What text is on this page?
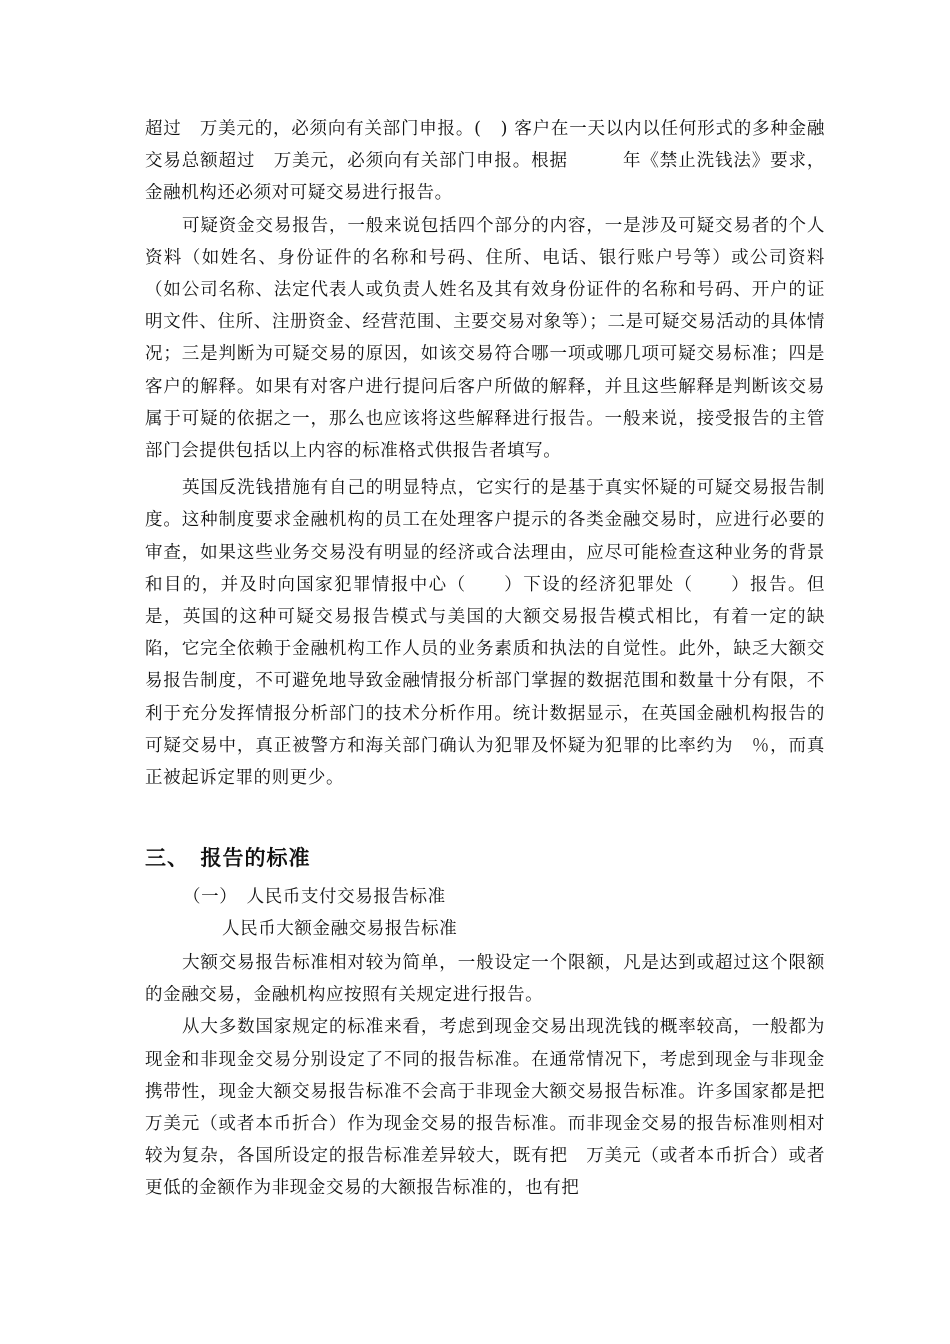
超过　万美元的，必须向有关部门申报。(   ) 客户在一天以内以任何形式的多种金融交易总额超过　万美元，必须向有关部门申报。根据　　　年《禁止洗钱法》要求，金融机构还必须对可疑交易进行报告。

可疑资金交易报告，一般来说包括四个部分的内容，一是涉及可疑交易者的个人资料（如姓名、身份证件的名称和号码、住所、电话、银行账户号等）或公司资料（如公司名称、法定代表人或负责人姓名及其有效身份证件的名称和号码、开户的证明文件、住所、注册资金、经营范围、主要交易对象等）；二是可疑交易活动的具体情况；三是判断为可疑交易的原因，如该交易符合哪一项或哪几项可疑交易标准；四是客户的解释。如果有对客户进行提问后客户所做的解释，并且这些解释是判断该交易属于可疑的依据之一，那么也应该将这些解释进行报告。一般来说，接受报告的主管部门会提供包括以上内容的标准格式供报告者填写。

英国反洗钱措施有自己的明显特点，它实行的是基于真实怀疑的可疑交易报告制度。这种制度要求金融机构的员工在处理客户提示的各类金融交易时，应进行必要的审查，如果这些业务交易没有明显的经济或合法理由，应尽可能检查这种业务的背景和目的，并及时向国家犯罪情报中心（　　）下设的经济犯罪处（　　）报告。但是，英国的这种可疑交易报告模式与美国的大额交易报告模式相比，有着一定的缺陷，它完全依赖于金融机构工作人员的业务素质和执法的自觉性。此外，缺乏大额交易报告制度，不可避免地导致金融情报分析部门掌握的数据范围和数量十分有限，不利于充分发挥情报分析部门的技术分析作用。统计数据显示，在英国金融机构报告的可疑交易中，真正被警方和海关部门确认为犯罪及怀疑为犯罪的比率约为　％，而真正被起诉定罪的则更少。

三、　报告的标准
（一）　人民币支付交易报告标准
人民币大额金融交易报告标准

大额交易报告标准相对较为简单，一般设定一个限额，凡是达到或超过这个限额的金融交易，金融机构应按照有关规定进行报告。

从大多数国家规定的标准来看，考虑到现金交易出现洗钱的概率较高，一般都为现金和非现金交易分别设定了不同的报告标准。在通常情况下，考虑到现金与非现金携带性，现金大额交易报告标准不会高于非现金大额交易报告标准。许多国家都是把　万美元（或者本币折合）作为现金交易的报告标准。而非现金交易的报告标准则相对较为复杂，各国所设定的报告标准差异较大，既有把　万美元（或者本币折合）或者更低的金额作为非现金交易的大额报告标准的，也有把
